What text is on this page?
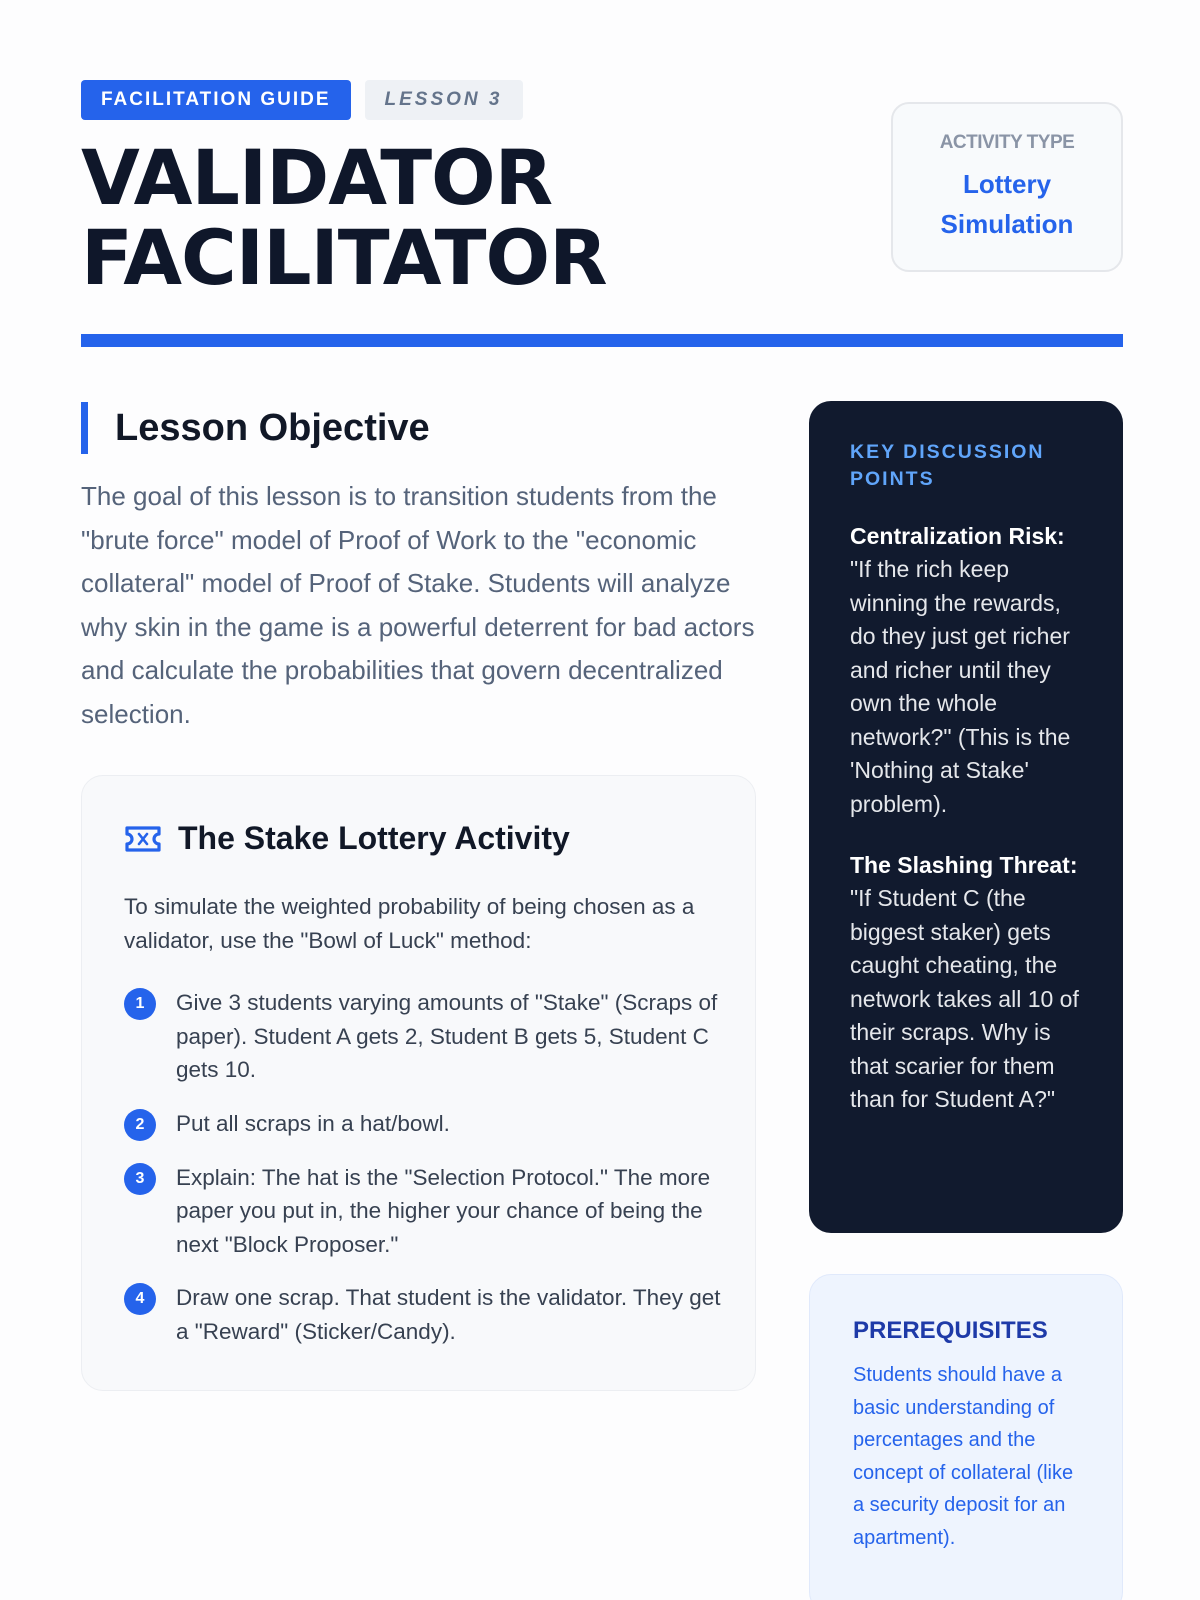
FACILITATION GUIDE	LESSON 3
VALIDATOR
FACILITATOR
ACTIVITY TYPE
Lottery
Simulation
Lesson Objective

The goal of this lesson is to transition students from the "brute force" model of Proof of Work to the "economic collateral" model of Proof of Stake. Students will analyze why skin in the game is a powerful deterrent for bad actors and calculate the probabilities that govern decentralized selection.

The Stake Lottery Activity

To simulate the weighted probability of being chosen as a validator, use the "Bowl of Luck" method:

1	Give 3 students varying amounts of "Stake" (Scraps of paper). Student A gets 2, Student B gets 5, Student C gets 10.
2	Put all scraps in a hat/bowl.
3	Explain: The hat is the "Selection Protocol." The more paper you put in, the higher your chance of being the next "Block Proposer."
4	Draw one scrap. That student is the validator. They get a "Reward" (Sticker/Candy).
KEY DISCUSSION POINTS
Centralization Risk:
"If the rich keep winning the rewards, do they just get richer and richer until they own the whole network?" (This is the 'Nothing at Stake' problem).
The Slashing Threat:
"If Student C (the biggest staker) gets caught cheating, the network takes all 10 of their scraps. Why is that scarier for them than for Student A?"
PREREQUISITES

Students should have a basic understanding of percentages and the concept of collateral (like a security deposit for an apartment).
